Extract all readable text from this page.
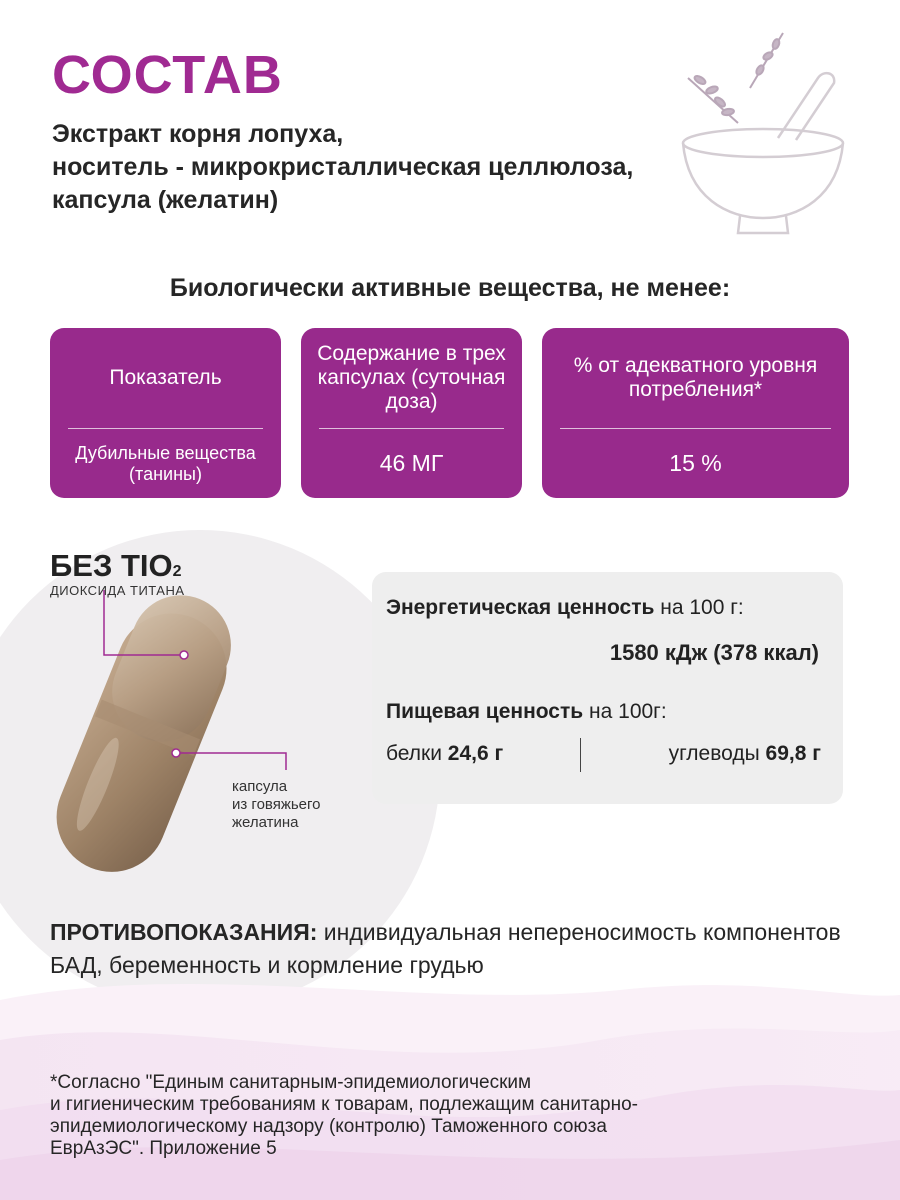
СОСТАВ
Экстракт корня лопуха,
носитель - микрокристаллическая целлюлоза,
капсула (желатин)
Биологически активные вещества, не менее:
Показатель
Дубильные вещества (танины)
Содержание в трех капсулах (суточная доза)
46 МГ
% от адекватного уровня потребления*
15 %
БЕЗ TIO2
ДИОКСИДА ТИТАНА
капсула
из говяжьего
желатина
Энергетическая ценность на 100 г:
1580 кДж (378 ккал)
Пищевая ценность на 100г:
белки 24,6 г	углеводы 69,8 г
ПРОТИВОПОКАЗАНИЯ: индивидуальная непереносимость компонентов БАД, беременность и кормление грудью
*Согласно "Единым санитарным-эпидемиологическим
и гигиеническим требованиям к товарам, подлежащим санитарно-
эпидемиологическому надзору (контролю) Таможенного союза
ЕврАзЭС". Приложение 5
